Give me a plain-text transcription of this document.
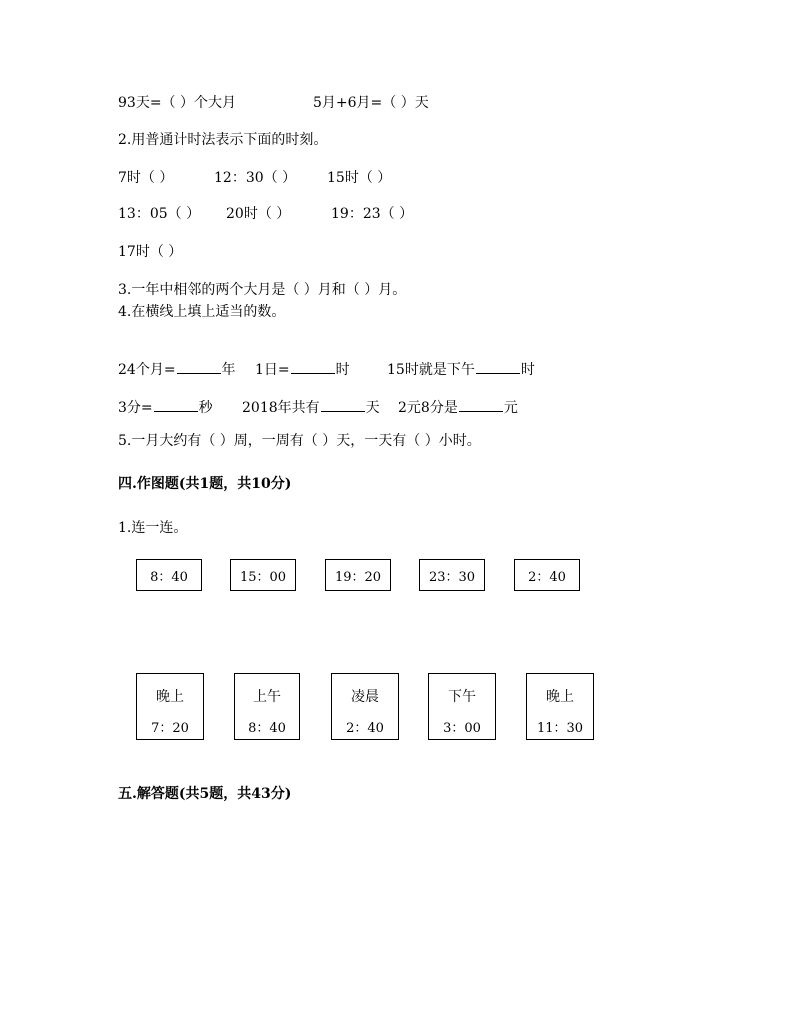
93天=（ ）个大月	5月+6月=（ ）天
2.用普通计时法表示下面的时刻。
7时（ ）	12：30（ ） 15时（ ）
13：05（ ） 20时（ ）	19：23（ ）
17时（ ）
3.一年中相邻的两个大月是（ ）月和（ ）月。
4.在横线上填上适当的数。
24个月=	年 1日=	时	15时就是下午	时
3分=	秒 2018年共有	天 2元8分是	元
5.一月大约有（ ）周，一周有（ ）天，一天有（ ）小时。
四.作图题(共1题，共10分)
1.连一连。
8：40	15：00	19：20	23：30	2：40
晚上
7：20
上午
8：40
凌晨
2：40
下午
3：00
晚上
11：30
五.解答题(共5题，共43分)
